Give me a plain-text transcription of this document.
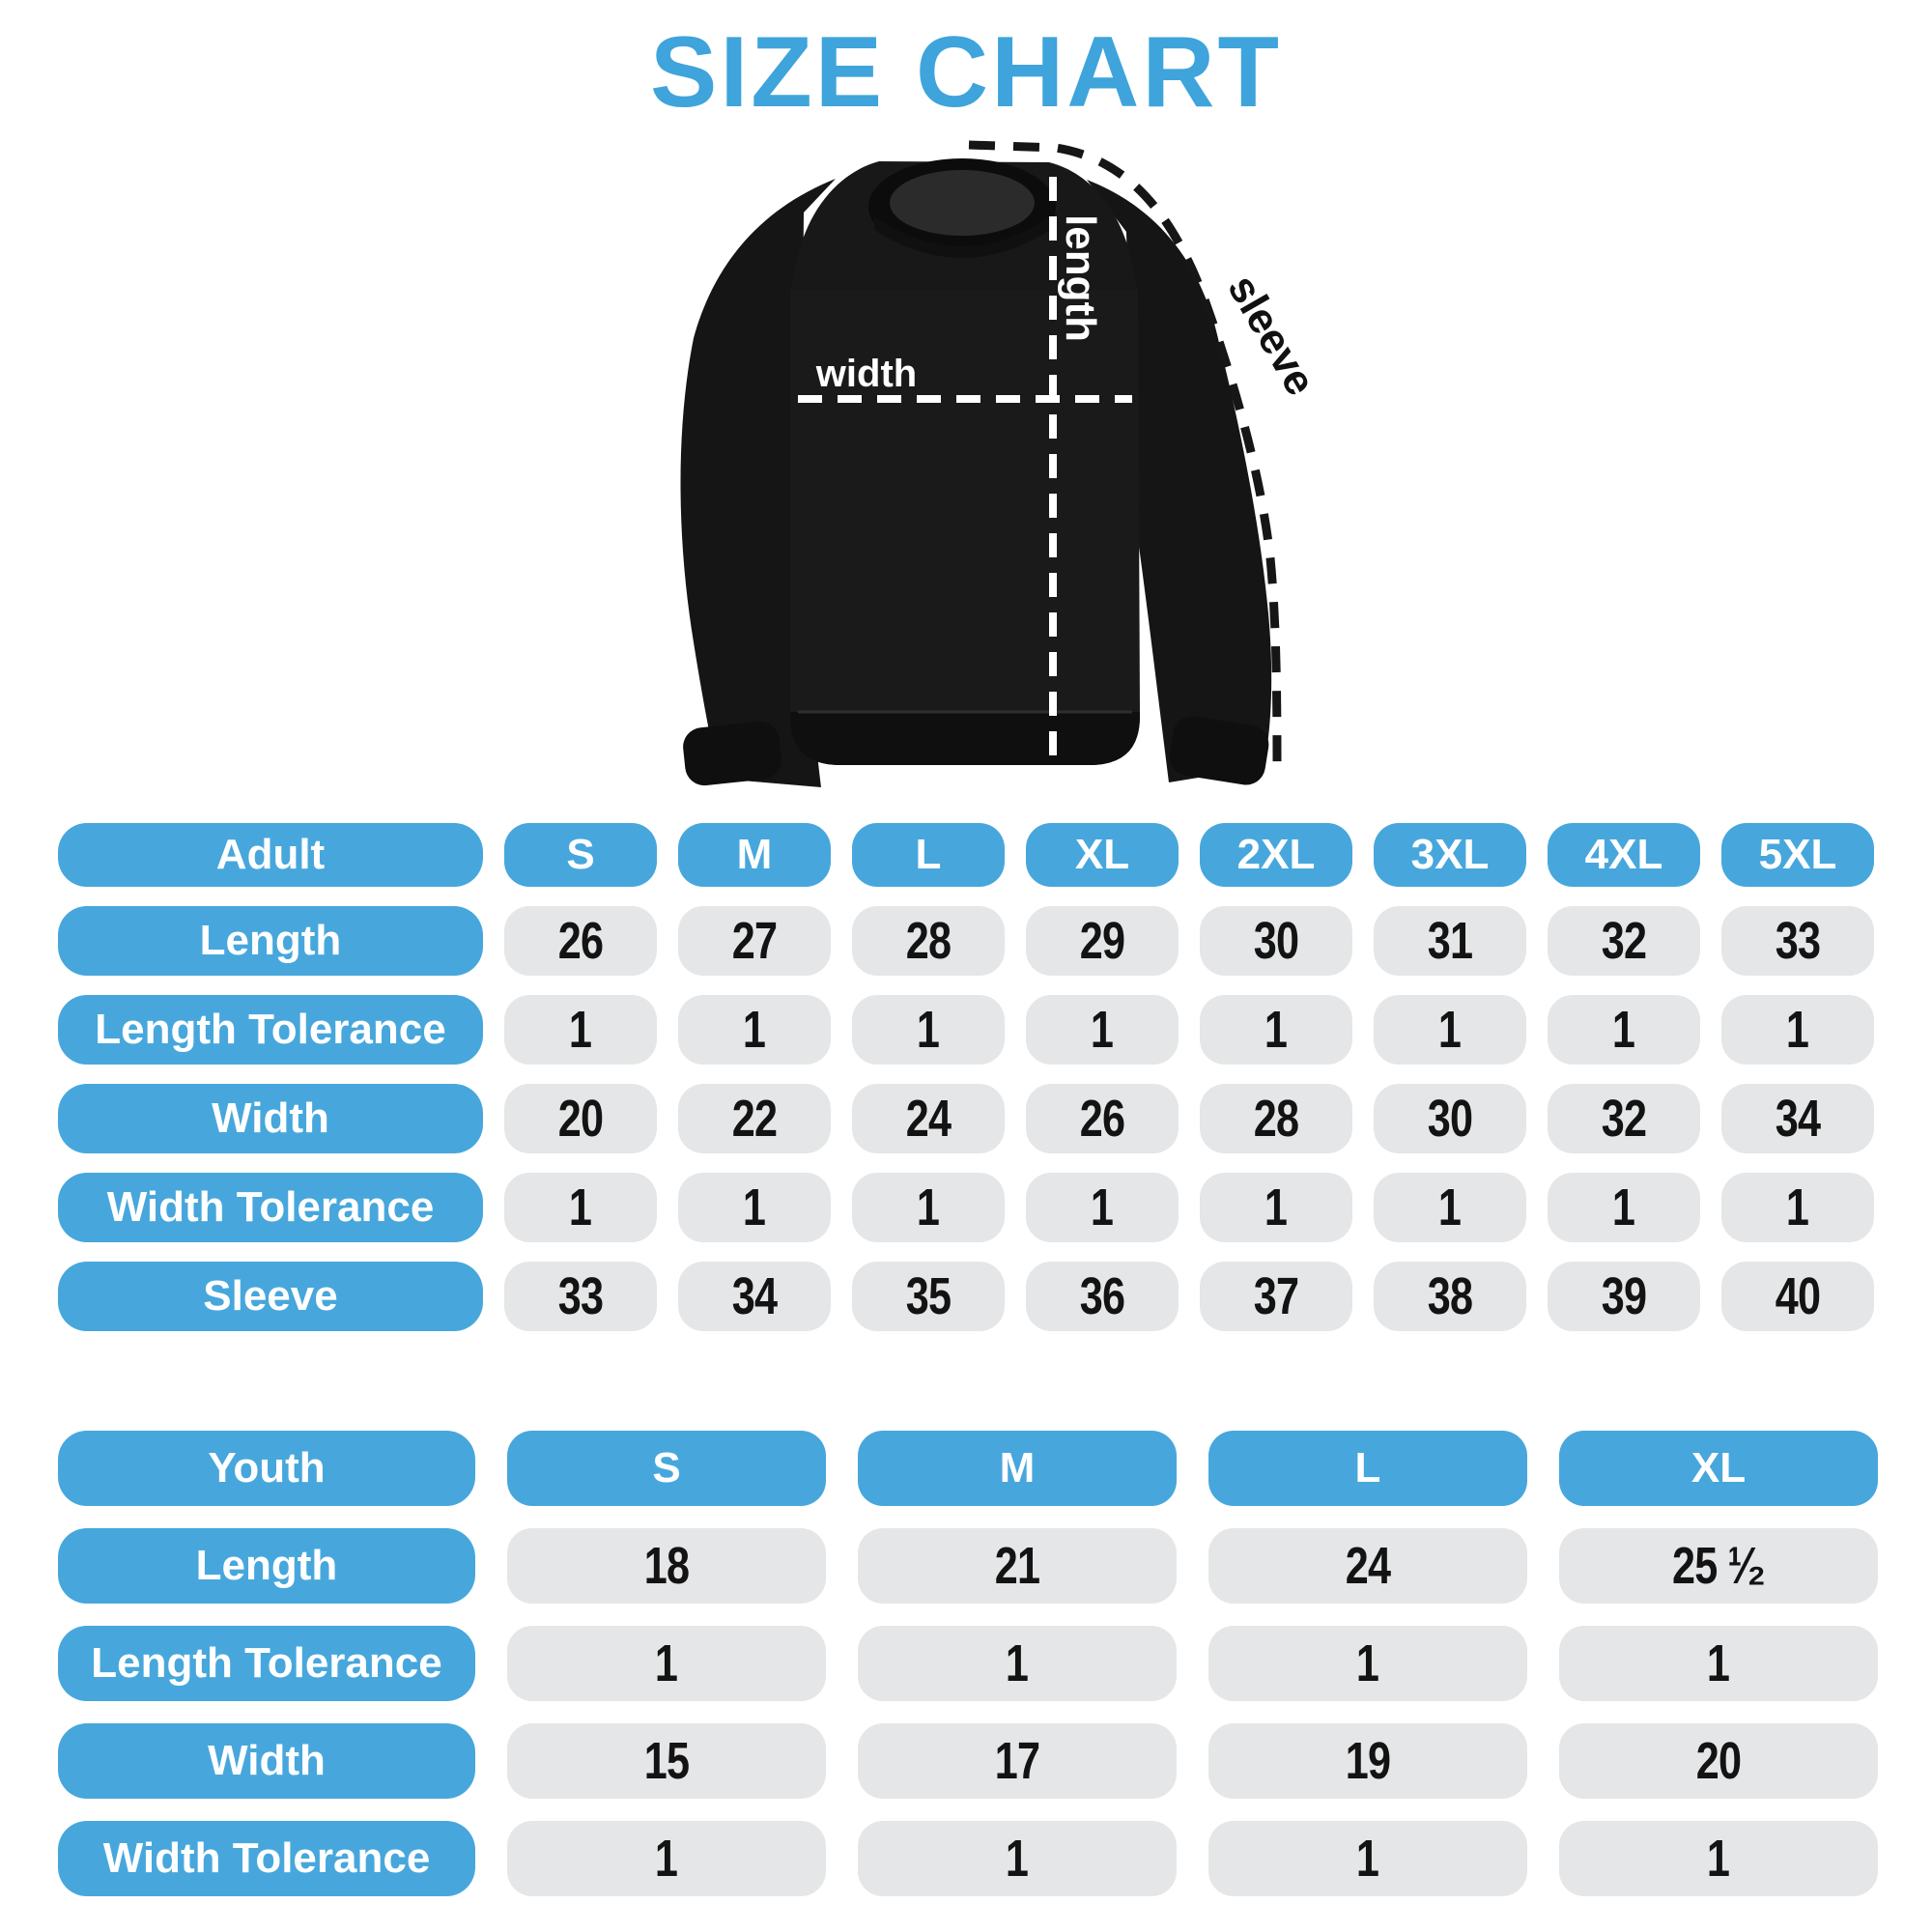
SIZE CHART
width
length	sleeve
Adult	S	M	L	XL	2XL	3XL	4XL	5XL
Length	26 27 28 29 30 31 32 33
Length Tolerance	1	1	1	1	1	1	1	1
Width	20 22 24 26 28 30 32 34
Width Tolerance	1	1	1	1	1	1	1	1
Sleeve	33 34 35 36 37 38 39 40
Youth	S	M	L	XL
Length	18	21	24	25 ¹⁄₂
Length Tolerance	1	1	1	1
Width	15	17	19	20
Width Tolerance	1	1	1	1
